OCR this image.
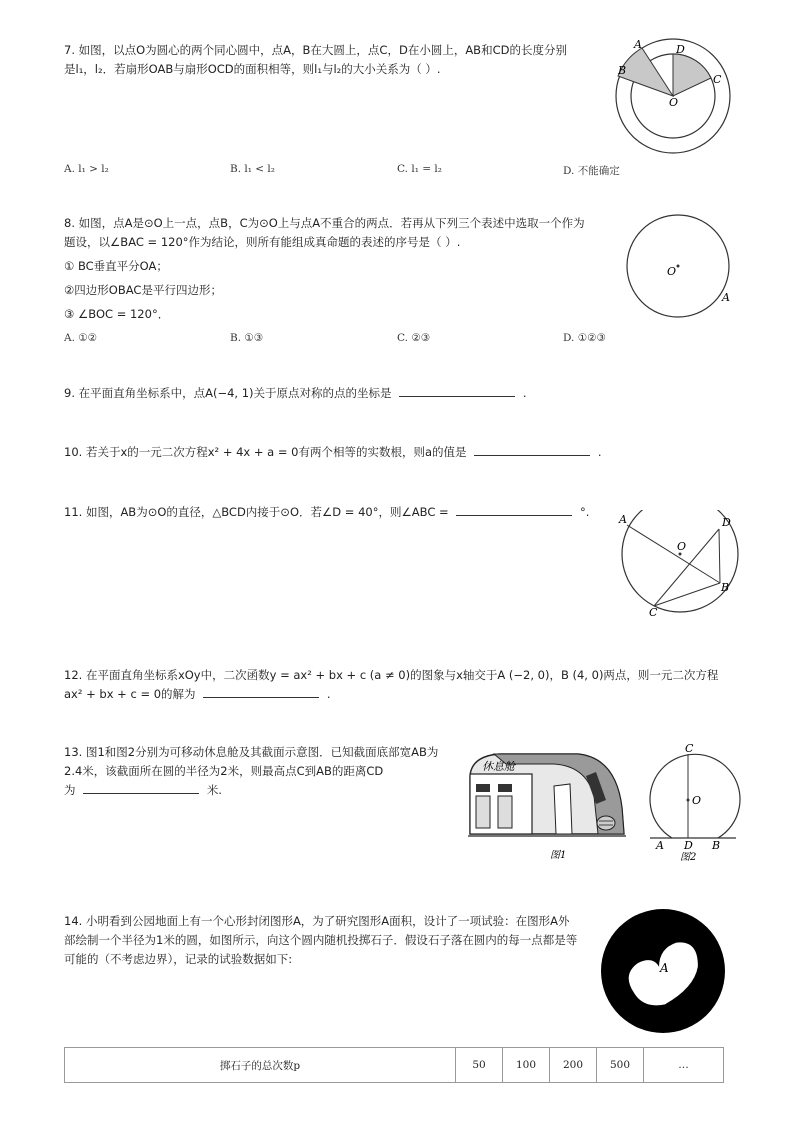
7. 如图，以点O为圆心的两个同心圆中，点A，B在大圆上，点C，D在小圆上，AB和CD的长度分别
是l₁，l₂．若扇形OAB与扇形OCD的面积相等，则l₁与l₂的大小关系为（ ）.
A
B
C
D
O
A. l₁ > l₂	B. l₁ < l₂	C. l₁ = l₂	D. 不能确定
8. 如图，点A是⊙O上一点，点B，C为⊙O上与点A不重合的两点．若再从下列三个表述中选取一个作为
题设，以∠BAC = 120°作为结论，则所有能组成真命题的表述的序号是（ ）.
① BC垂直平分OA；
②四边形OBAC是平行四边形；
③ ∠BOC = 120°．
O
A
A. ①②	B. ①③	C. ②③	D. ①②③
9. 在平面直角坐标系中，点A(−4, 1)关于原点对称的点的坐标是	.
10. 若关于x的一元二次方程x² + 4x + a = 0有两个相等的实数根，则a的值是	.
11. 如图，AB为⊙O的直径，△BCD内接于⊙O．若∠D = 40°，则∠ABC =	°.
A
B
C
D
O
12. 在平面直角坐标系xOy中，二次函数y = ax² + bx + c (a ≠ 0)的图象与x轴交于A (−2, 0)，B (4, 0)两点，则一元二次方程
ax² + bx + c = 0的解为	.
13. 图1和图2分别为可移动休息舱及其截面示意图．已知截面底部宽AB为
2.4米，该截面所在圆的半径为2米，则最高点C到AB的距离CD
为	米.
休息舱
图1
C
O
A D B
图2
14. 小明看到公园地面上有一个心形封闭图形A，为了研究图形A面积，设计了一项试验：在图形A外
部绘制一个半径为1米的圆，如图所示，向这个圆内随机投掷石子．假设石子落在圆内的每一点都是等
可能的（不考虑边界），记录的试验数据如下:
A
掷石子的总次数p	50	100	200	500	…
